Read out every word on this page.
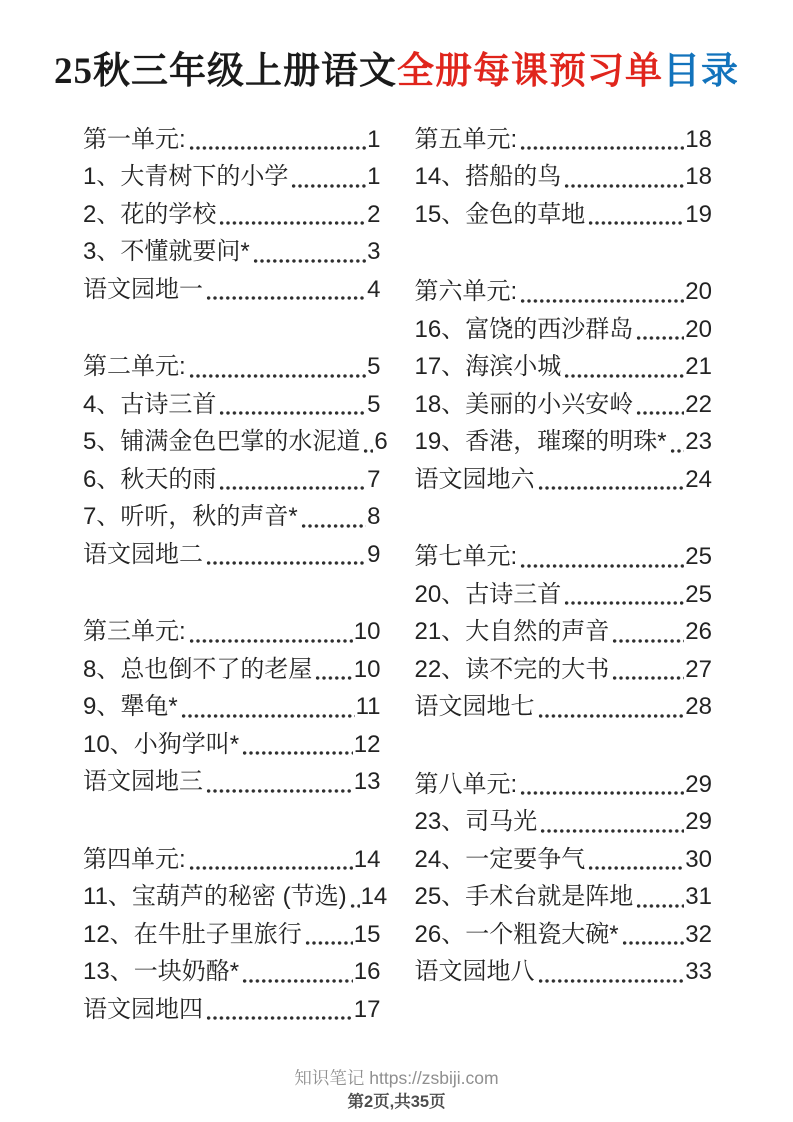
25秋三年级上册语文全册每课预习单目录
第一单元:	1
1、大青树下的小学	1
2、花的学校	2
3、不懂就要问*	3
语文园地一	4
第二单元:	5
4、古诗三首	5
5、铺满金色巴掌的水泥道 6
6、秋天的雨	7
7、听听，秋的声音*	8
语文园地二	9
第三单元:	10
8、总也倒不了的老屋 10
9、犟龟*	11
10、小狗学叫*	12
语文园地三	13
第四单元:	14
11、宝葫芦的秘密 (节选) 14
12、在牛肚子里旅行 15
13、一块奶酪*	16
语文园地四	17
第五单元:	18
14、搭船的鸟	18
15、金色的草地	19
第六单元:	20
16、富饶的西沙群岛 20
17、海滨小城	21
18、美丽的小兴安岭 22
19、香港，璀璨的明珠* 23
语文园地六	24
第七单元:	25
20、古诗三首	25
21、大自然的声音	26
22、读不完的大书	27
语文园地七	28
第八单元:	29
23、司马光	29
24、一定要争气	30
25、手术台就是阵地 31
26、一个粗瓷大碗*	32
语文园地八	33
知识笔记 https://zsbiji.com
第2页,共35页
